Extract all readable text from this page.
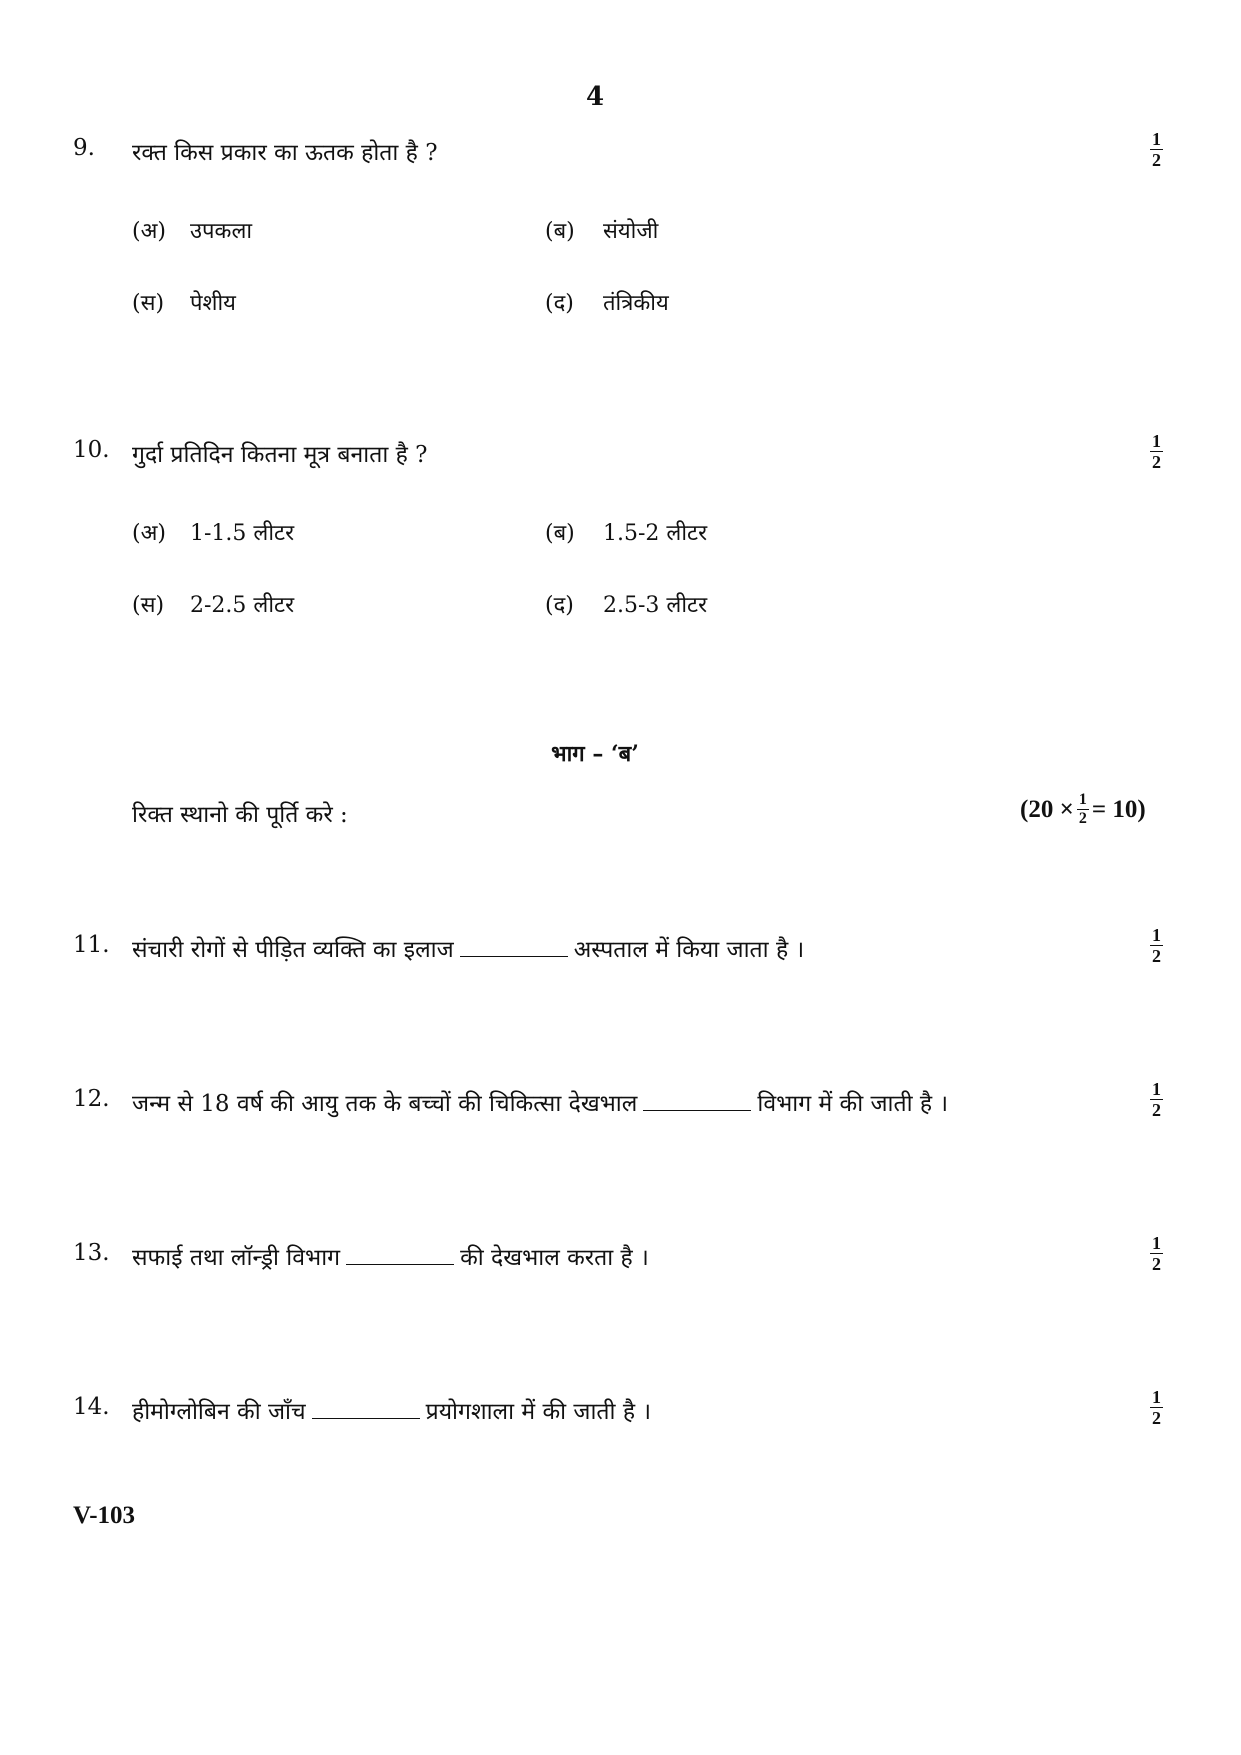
4
9. रक्त किस प्रकार का ऊतक होता है ?	$\frac{1}{2}$
(अ) उपकला	(ब) संयोजी
(स) पेशीय	(द) तंत्रिकीय
10. गुर्दा प्रतिदिन कितना मूत्र बनाता है ?	$\frac{1}{2}$
(अ) 1-1.5 लीटर	(ब) 1.5-2 लीटर
(स) 2-2.5 लीटर	(द) 2.5-3 लीटर
भाग – ‘ब’
रिक्त स्थानो की पूर्ति करे :	$(20 \times \frac{1}{2} = 10)$
11. संचारी रोगों से पीड़ित व्यक्ति का इलाज	अस्पताल में किया जाता है ।	$\frac{1}{2}$
12. जन्म से 18 वर्ष की आयु तक के बच्चों की चिकित्सा देखभाल	विभाग में की जाती है ।	$\frac{1}{2}$
13. सफाई तथा लॉन्ड्री विभाग	की देखभाल करता है ।	$\frac{1}{2}$
14. हीमोग्लोबिन की जाँच	प्रयोगशाला में की जाती है ।	$\frac{1}{2}$
V-103
